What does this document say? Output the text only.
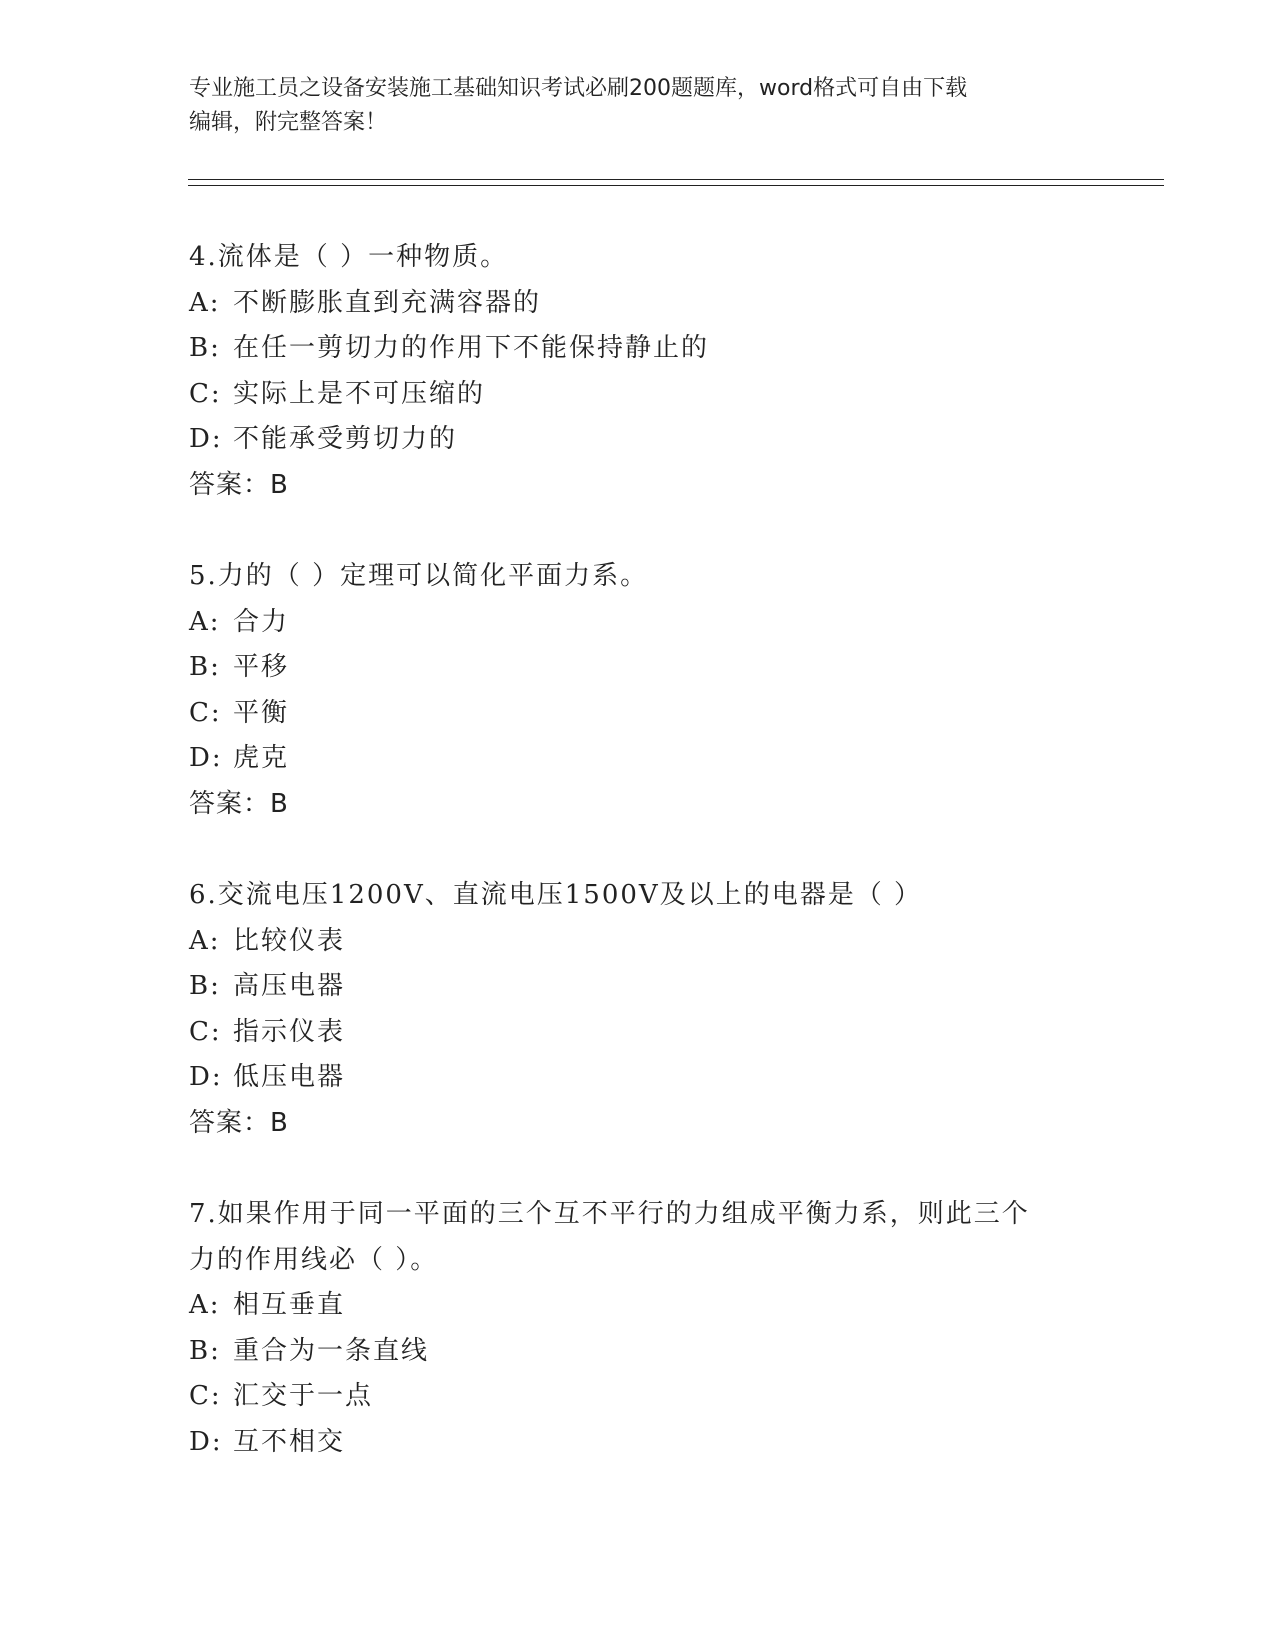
专业施工员之设备安装施工基础知识考试必刷200题题库，word格式可自由下载
编辑，附完整答案！
4.流体是（ ）一种物质。
A: 不断膨胀直到充满容器的
B: 在任一剪切力的作用下不能保持静止的
C: 实际上是不可压缩的
D: 不能承受剪切力的
答案：B
5.力的（ ）定理可以简化平面力系。
A: 合力
B: 平移
C: 平衡
D: 虎克
答案：B
6.交流电压1200V、直流电压1500V及以上的电器是（ ）
A: 比较仪表
B: 高压电器
C: 指示仪表
D: 低压电器
答案：B
7.如果作用于同一平面的三个互不平行的力组成平衡力系，则此三个
力的作用线必（ ）。
A: 相互垂直
B: 重合为一条直线
C: 汇交于一点
D: 互不相交
